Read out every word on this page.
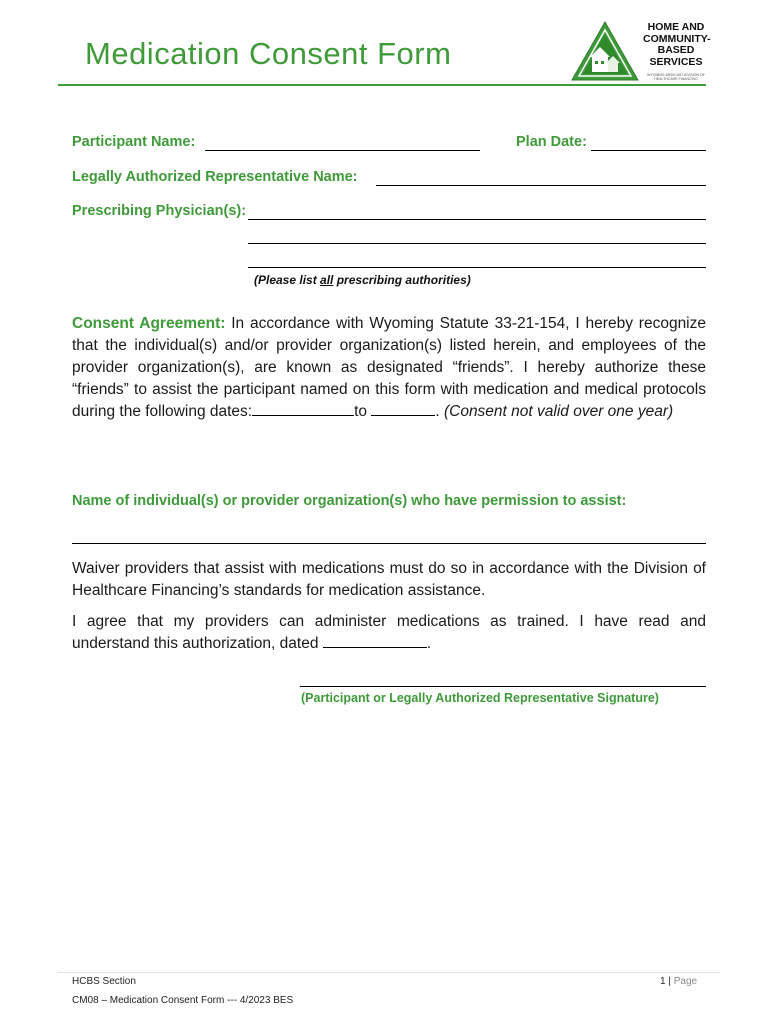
Medication Consent Form
HOME AND COMMUNITY-BASED SERVICES
WYOMING MEDICAID DIVISION OF HEALTHCARE FINANCING
Participant Name:	Plan Date:
Legally Authorized Representative Name:
Prescribing Physician(s):
(Please list all prescribing authorities)
Consent Agreement: In accordance with Wyoming Statute 33-21-154, I hereby recognize that the individual(s) and/or provider organization(s) listed herein, and employees of the provider organization(s), are known as designated “friends”. I hereby authorize these “friends” to assist the participant named on this form with medication and medical protocols during the following dates:	to	. (Consent not valid over one year)
Name of individual(s) or provider organization(s) who have permission to assist:
Waiver providers that assist with medications must do so in accordance with the Division of Healthcare Financing’s standards for medication assistance.
I agree that my providers can administer medications as trained. I have read and understand this authorization, dated	.
(Participant or Legally Authorized Representative Signature)
HCBS Section
CM08 – Medication Consent Form --- 4/2023 BES
1 | Page
